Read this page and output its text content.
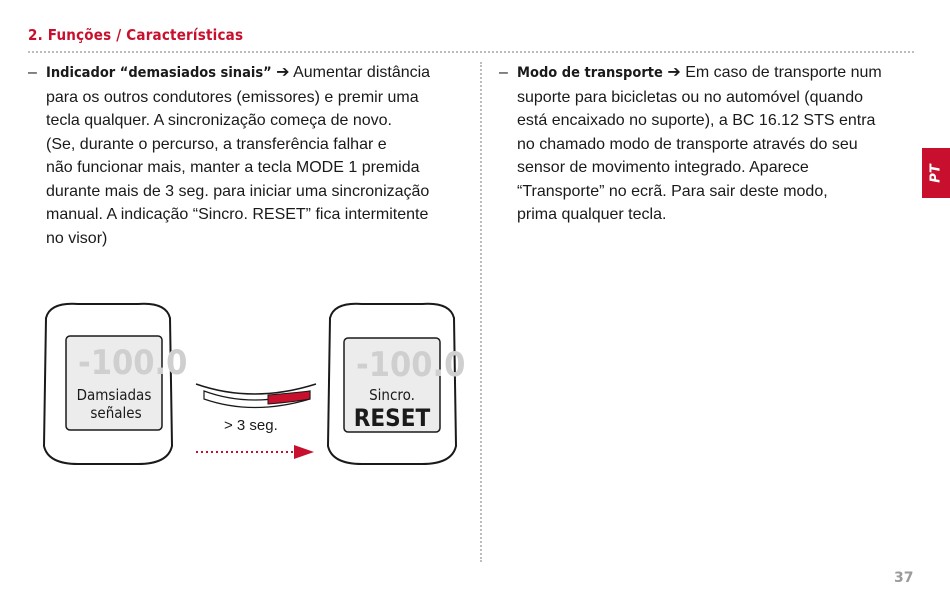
2. Funções / Características
– Indicador “demasiados sinais” ➔ Aumentar distância

para os outros condutores (emissores) e premir uma

tecla qualquer. A sincronização começa de novo.

(Se, durante o percurso, a transferência falhar e

não funcionar mais, manter a tecla MODE 1 premida

durante mais de 3 seg. para iniciar uma sincronização

manual. A indicação “Sincro. RESET” fica intermitente

no visor)

– Modo de transporte ➔ Em caso de transporte num

suporte para bicicletas ou no automóvel (quando

está encaixado no suporte), a BC 16.12 STS entra

no chamado modo de transporte através do seu

sensor de movimento integrado. Aparece

“Transporte” no ecrã. Para sair deste modo,

prima qualquer tecla.

-100.0
Damsiadas
señales
> 3 seg.
-100.0
Sincro.
RESET
PT
37
